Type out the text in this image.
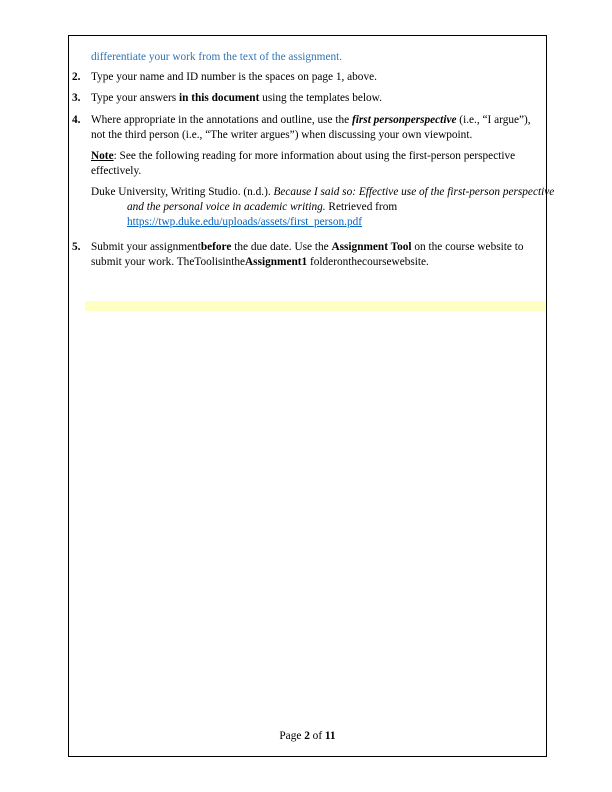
differentiate your work from the text of the assignment.
2. Type your name and ID number is the spaces on page 1, above.

3. Type your answers in this document using the templates below.

4. Where appropriate in the annotations and outline, use the first personperspective (i.e., “I argue”), not the third person (i.e., “The writer argues”) when discussing your own viewpoint.

Note: See the following reading for more information about using the first-person perspective effectively.
Duke University, Writing Studio. (n.d.). Because I said so: Effective use of the first-person perspective and the personal voice in academic writing. Retrieved from https://twp.duke.edu/uploads/assets/first_person.pdf
5. Submit your assignmentbefore the due date. Use the Assignment Tool on the course website to submit your work. TheToolisintheAssignment1 folderonthecoursewebsite.

Page 2 of 11
